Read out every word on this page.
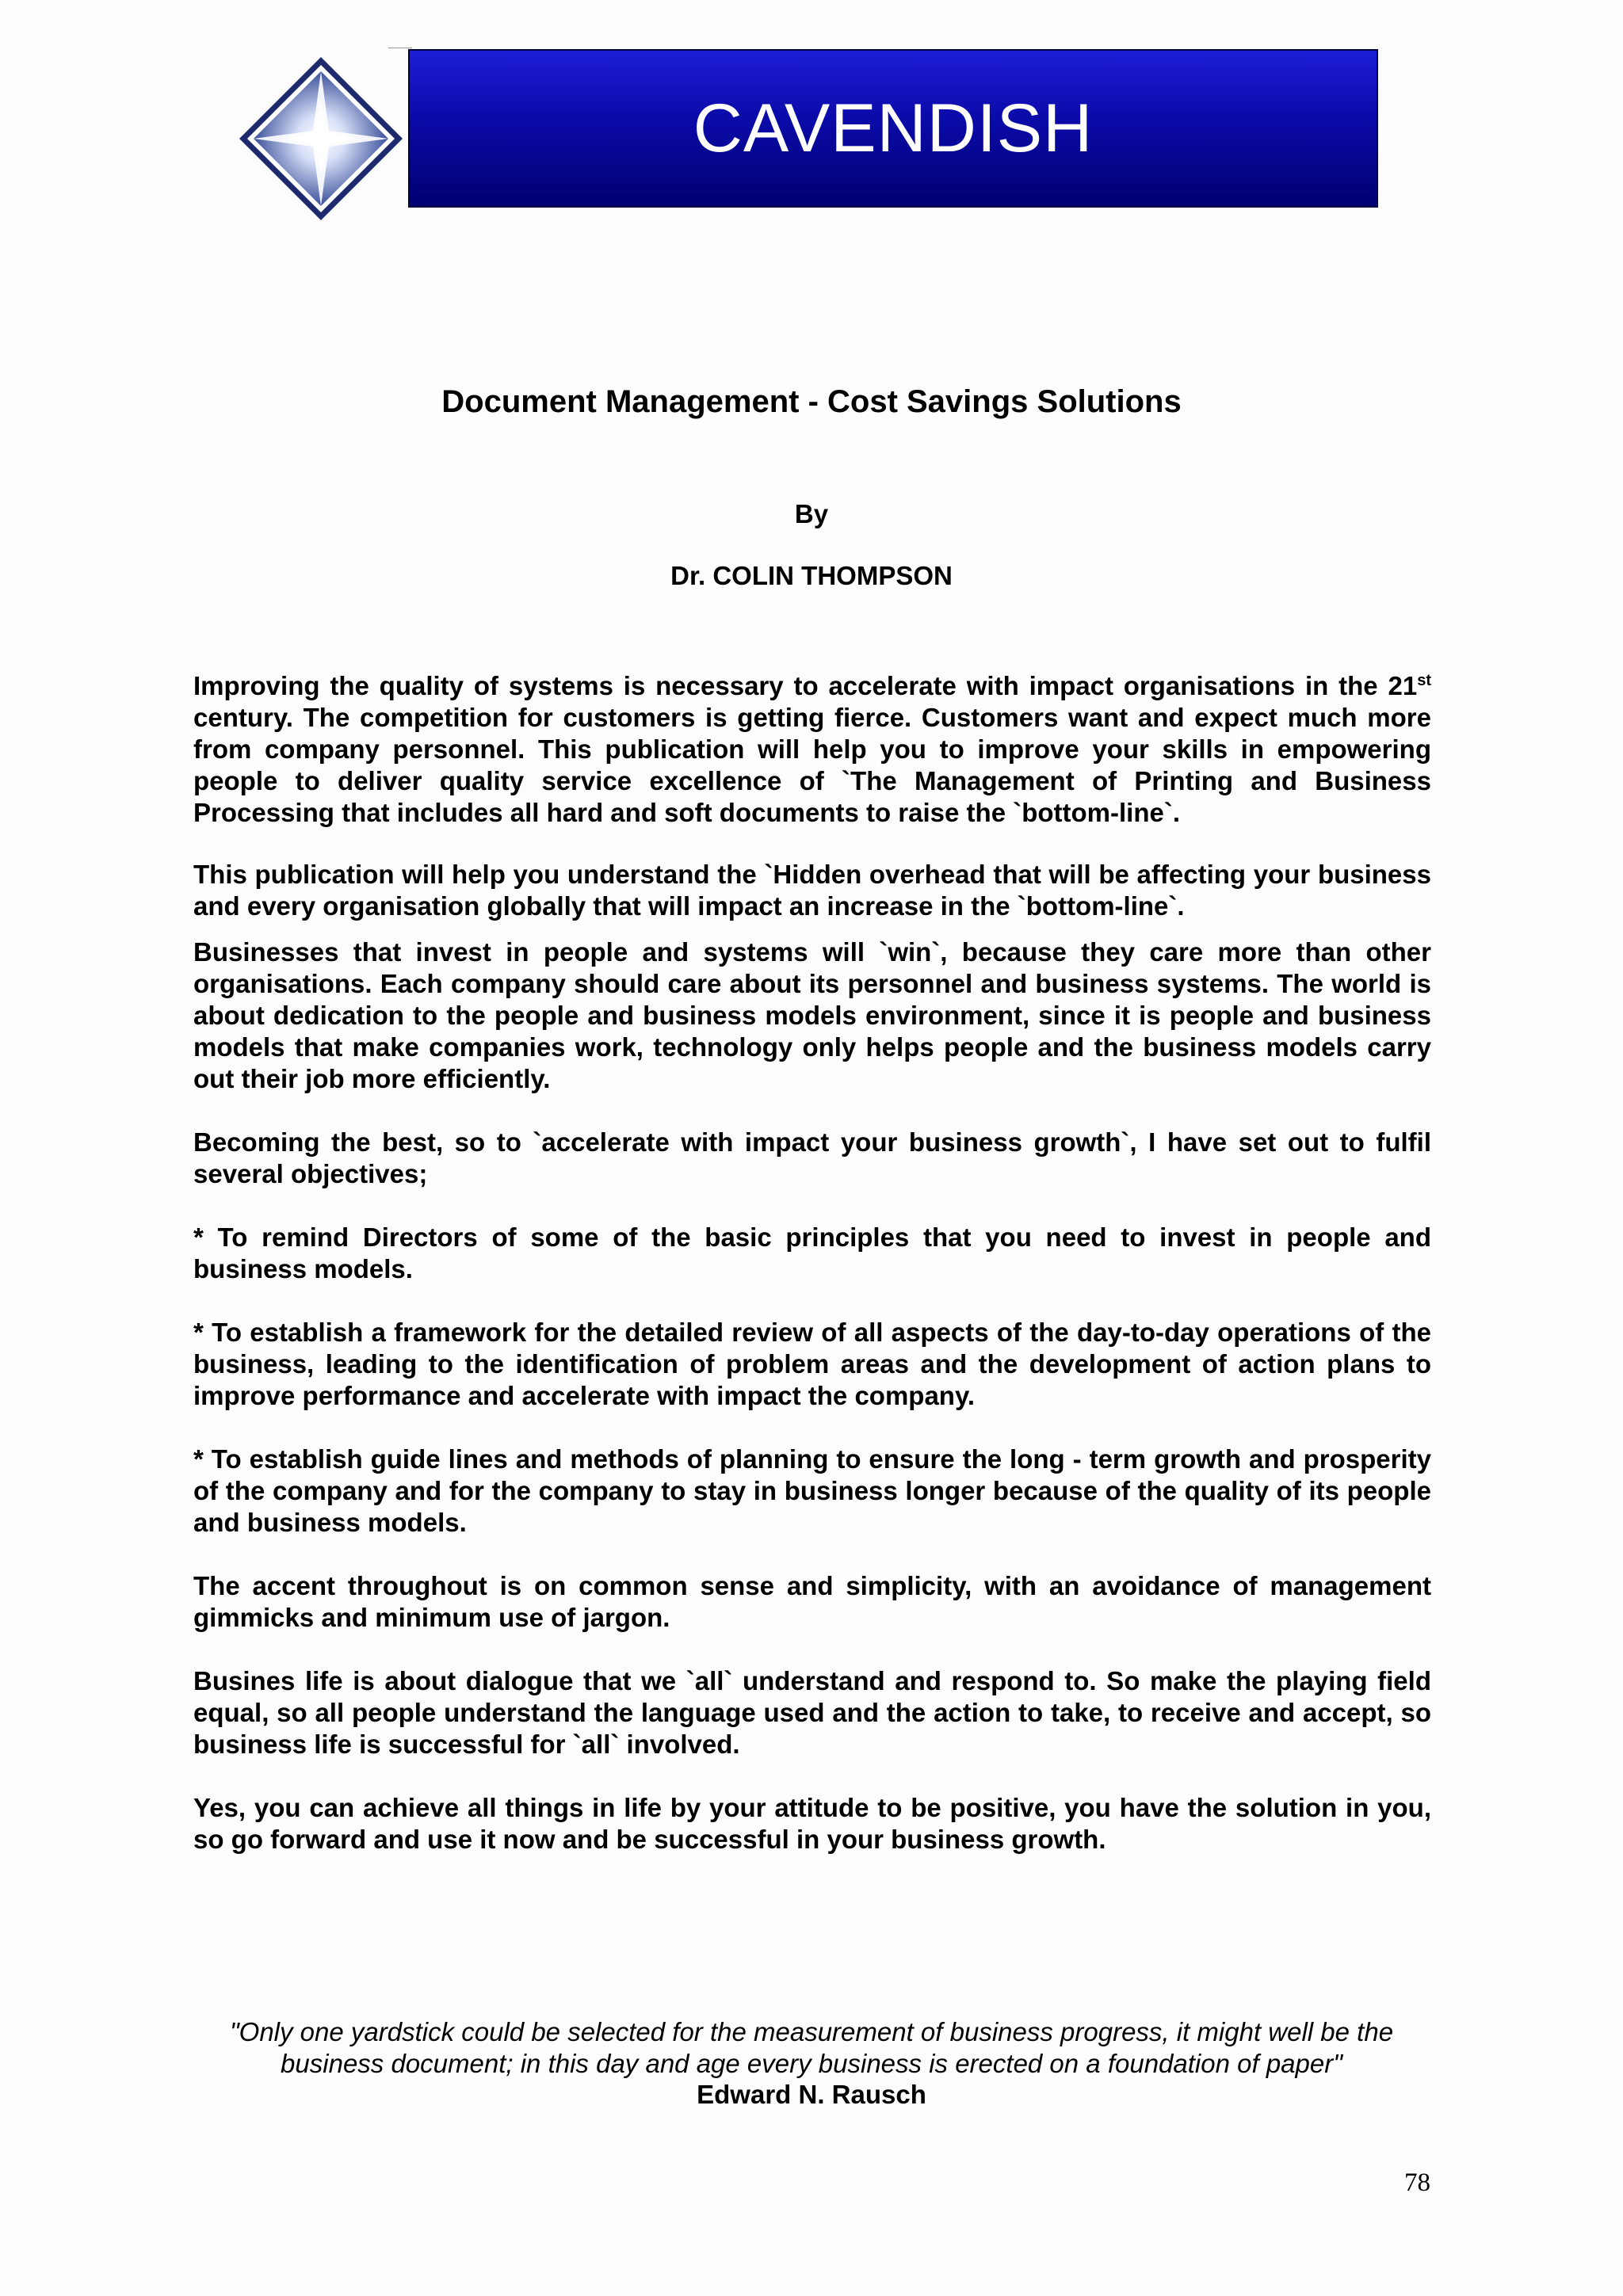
CAVENDISH
Document Management - Cost Savings Solutions
By
Dr. COLIN THOMPSON

Improving the quality of systems is necessary to accelerate with impact organisations in the 21st century. The competition for customers is getting fierce. Customers want and expect much more from company personnel. This publication will help you to improve your skills in empowering people to deliver quality service excellence of `The Management of Printing and Business Processing that includes all hard and soft documents to raise the `bottom-line`.

This publication will help you understand the `Hidden overhead that will be affecting your business and every organisation globally that will impact an increase in the `bottom-line`.

Businesses that invest in people and systems will `win`, because they care more than other organisations. Each company should care about its personnel and business systems. The world is about dedication to the people and business models environment, since it is people and business models that make companies work, technology only helps people and the business models carry out their job more efficiently.

Becoming the best, so to `accelerate with impact your business growth`, I have set out to fulfil several objectives;

* To remind Directors of some of the basic principles that you need to invest in people and business models.

* To establish a framework for the detailed review of all aspects of the day-to-day operations of the business, leading to the identification of problem areas and the development of action plans to improve performance and accelerate with impact the company.

* To establish guide lines and methods of planning to ensure the long - term growth and prosperity of the company and for the company to stay in business longer because of the quality of its people and business models.

The accent throughout is on common sense and simplicity, with an avoidance of management gimmicks and minimum use of jargon.

Busines life is about dialogue that we `all` understand and respond to. So make the playing field equal, so all people understand the language used and the action to take, to receive and accept, so business life is successful for `all` involved.

Yes, you can achieve all things in life by your attitude to be positive, you have the solution in you, so go forward and use it now and be successful in your business growth.

"Only one yardstick could be selected for the measurement of business progress, it might well be the
business document; in this day and age every business is erected on a foundation of paper"
Edward N. Rausch
78
